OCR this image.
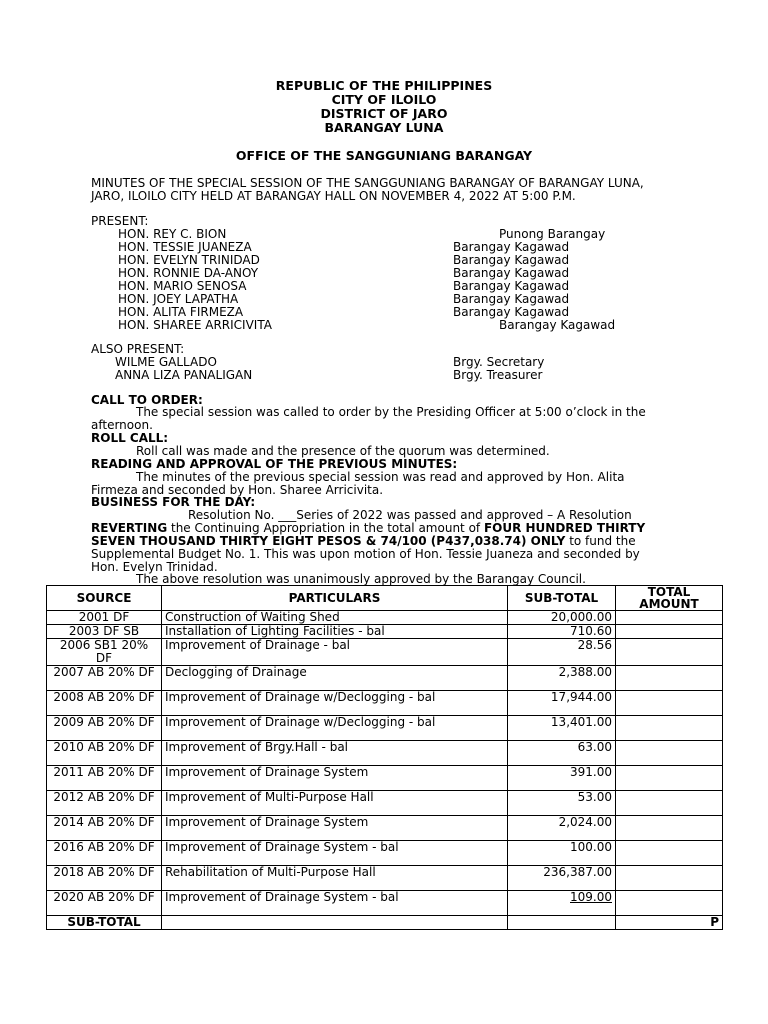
REPUBLIC OF THE PHILIPPINES
CITY OF ILOILO
DISTRICT OF JARO
BARANGAY LUNA
OFFICE OF THE SANGGUNIANG BARANGAY
MINUTES OF THE SPECIAL SESSION OF THE SANGGUNIANG BARANGAY OF BARANGAY LUNA,
JARO, ILOILO CITY HELD AT BARANGAY HALL ON NOVEMBER 4, 2022 AT 5:00 P.M.
PRESENT:
HON. REY C. BION	Punong Barangay
HON. TESSIE JUANEZA	Barangay Kagawad
HON. EVELYN TRINIDAD	Barangay Kagawad
HON. RONNIE DA-ANOY	Barangay Kagawad
HON. MARIO SENOSA	Barangay Kagawad
HON. JOEY LAPATHA	Barangay Kagawad
HON. ALITA FIRMEZA	Barangay Kagawad
HON. SHAREE ARRICIVITA	Barangay Kagawad
ALSO PRESENT:
WILME GALLADO	Brgy. Secretary
ANNA LIZA PANALIGAN	Brgy. Treasurer
CALL TO ORDER:
The special session was called to order by the Presiding Officer at 5:00 o’clock in the
afternoon.
ROLL CALL:
Roll call was made and the presence of the quorum was determined.
READING AND APPROVAL OF THE PREVIOUS MINUTES:
The minutes of the previous special session was read and approved by Hon. Alita
Firmeza and seconded by Hon. Sharee Arricivita.
BUSINESS FOR THE DAY:
Resolution No. ___Series of 2022 was passed and approved – A Resolution
REVERTING the Continuing Appropriation in the total amount of FOUR HUNDRED THIRTY
SEVEN THOUSAND THIRTY EIGHT PESOS & 74/100 (P437,038.74) ONLY to fund the
Supplemental Budget No. 1. This was upon motion of Hon. Tessie Juaneza and seconded by
Hon. Evelyn Trinidad.
The above resolution was unanimously approved by the Barangay Council.
SOURCE	PARTICULARS	SUB-TOTAL	TOTAL AMOUNT
2001 DF	Construction of Waiting Shed	20,000.00	
2003 DF SB	Installation of Lighting Facilities - bal	710.60	
2006 SB1 20% DF	Improvement of Drainage - bal	28.56	
2007 AB 20% DF	Declogging of Drainage	2,388.00	
2008 AB 20% DF	Improvement of Drainage w/Declogging - bal	17,944.00	
2009 AB 20% DF	Improvement of Drainage w/Declogging - bal	13,401.00	
2010 AB 20% DF	Improvement of Brgy.Hall - bal	63.00	
2011 AB 20% DF	Improvement of Drainage System	391.00	
2012 AB 20% DF	Improvement of Multi-Purpose Hall	53.00	
2014 AB 20% DF	Improvement of Drainage System	2,024.00	
2016 AB 20% DF	Improvement of Drainage System - bal	100.00	
2018 AB 20% DF	Rehabilitation of Multi-Purpose Hall	236,387.00	
2020 AB 20% DF	Improvement of Drainage System - bal	109.00	
SUB-TOTAL			P
